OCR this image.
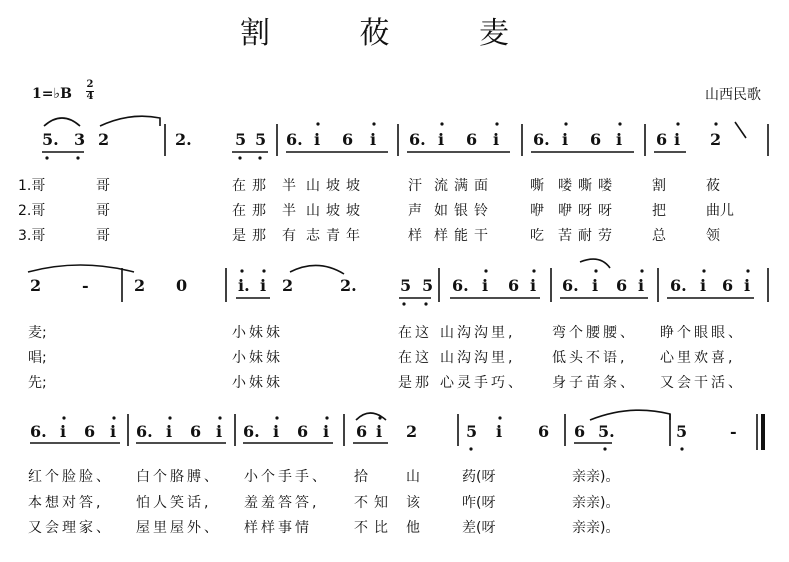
割 莜 麦
1=♭B
2
4	山西民歌
5. 3 2	2.	5 5 6. i 6 i 6. i 6 i 6. i 6 i 6 i 2
1.哥	哥	在那 半 山坡坡	汗 流满面	嘶 喽嘶喽 割	莜
2.哥	哥	在那 半 山坡坡	声 如银铃	咿 咿呀呀 把	曲儿
3.哥	哥	是那 有 志青年	样 样能干	吃 苦耐劳 总	领
2	-	2 0	i. i 2	2.	5 5 6. i 6 i 6. i 6 i 6. i 6 i
麦;	小妹妹	在这 山沟沟里,	弯个腰腰、 睁个眼眼、
唱;	小妹妹	在这 山沟沟里,	低头不语, 心里欢喜,
先;	小妹妹	是那 心灵手巧、 身子苗条、 又会干活、
6. i 6 i 6. i 6 i 6. i 6 i 6 i 2	5 i 6 6 5.	5	-
红个脸脸、 白个胳膊、 小个手手、 拾 山	药(呀	亲亲)。
本想对答, 怕人笑话, 羞羞答答, 不知 该	咋(呀	亲亲)。
又会理家、 屋里屋外、 样样事情	不比 他	差(呀	亲亲)。
